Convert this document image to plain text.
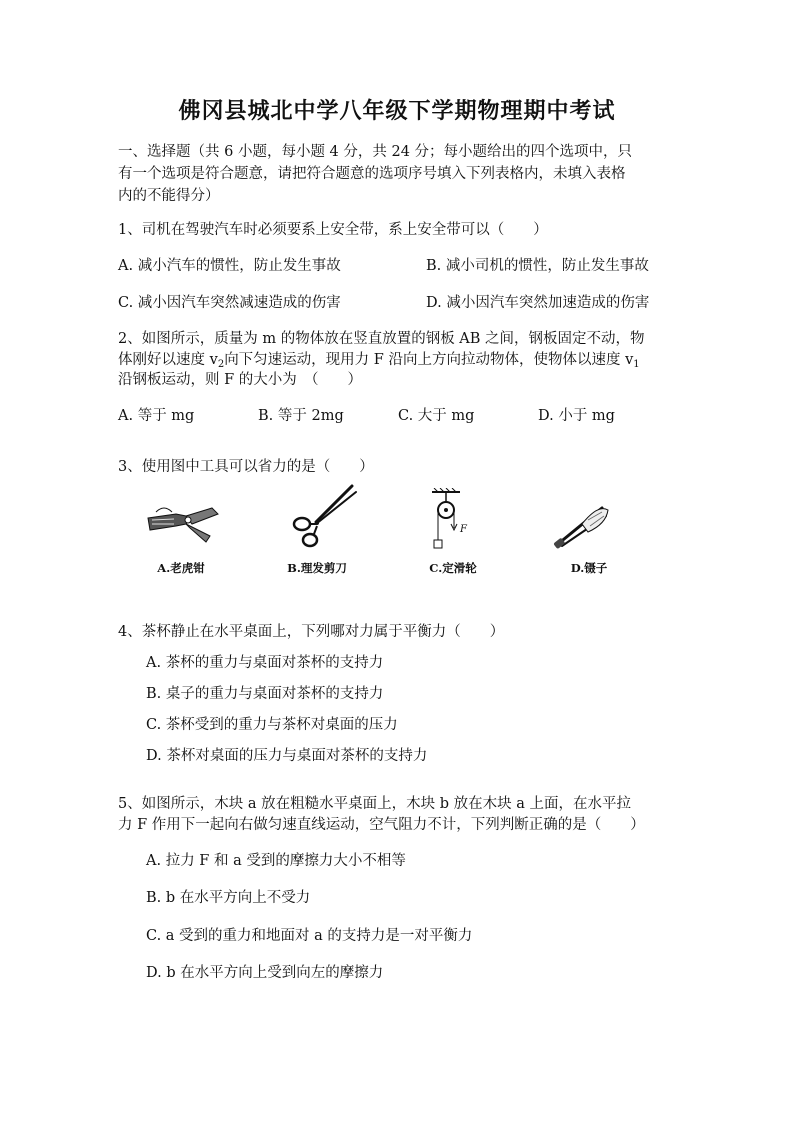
佛冈县城北中学八年级下学期物理期中考试
一、选择题（共 6 小题，每小题 4 分，共 24 分；每小题给出的四个选项中，只
有一个选项是符合题意，请把符合题意的选项序号填入下列表格内，未填入表格
内的不能得分）
1、司机在驾驶汽车时必须要系上安全带，系上安全带可以（　　）
A. 减小汽车的惯性，防止发生事故	B. 减小司机的惯性，防止发生事故
C. 减小因汽车突然减速造成的伤害	D. 减小因汽车突然加速造成的伤害
2、如图所示，质量为 m 的物体放在竖直放置的钢板 AB 之间，钢板固定不动，物
体刚好以速度 $v_2$向下匀速运动，现用力 F 沿向上方向拉动物体，使物体以速度 $v_1$
沿钢板运动，则 F 的大小为　（　　）
A. 等于 mg	B. 等于 2mg	C. 大于 mg	D. 小于 mg
3、使用图中工具可以省力的是（　　）
A.老虎钳	B.理发剪刀
F
C.定滑轮	D.镊子
4、茶杯静止在水平桌面上，下列哪对力属于平衡力（　　）
A. 茶杯的重力与桌面对茶杯的支持力
B. 桌子的重力与桌面对茶杯的支持力
C. 茶杯受到的重力与茶杯对桌面的压力
D. 茶杯对桌面的压力与桌面对茶杯的支持力
5、如图所示，木块 a 放在粗糙水平桌面上，木块 b 放在木块 a 上面，在水平拉
力 F 作用下一起向右做匀速直线运动，空气阻力不计，下列判断正确的是（　　）
A. 拉力 F 和 a 受到的摩擦力大小不相等
B. b 在水平方向上不受力
C. a 受到的重力和地面对 a 的支持力是一对平衡力
D. b 在水平方向上受到向左的摩擦力
